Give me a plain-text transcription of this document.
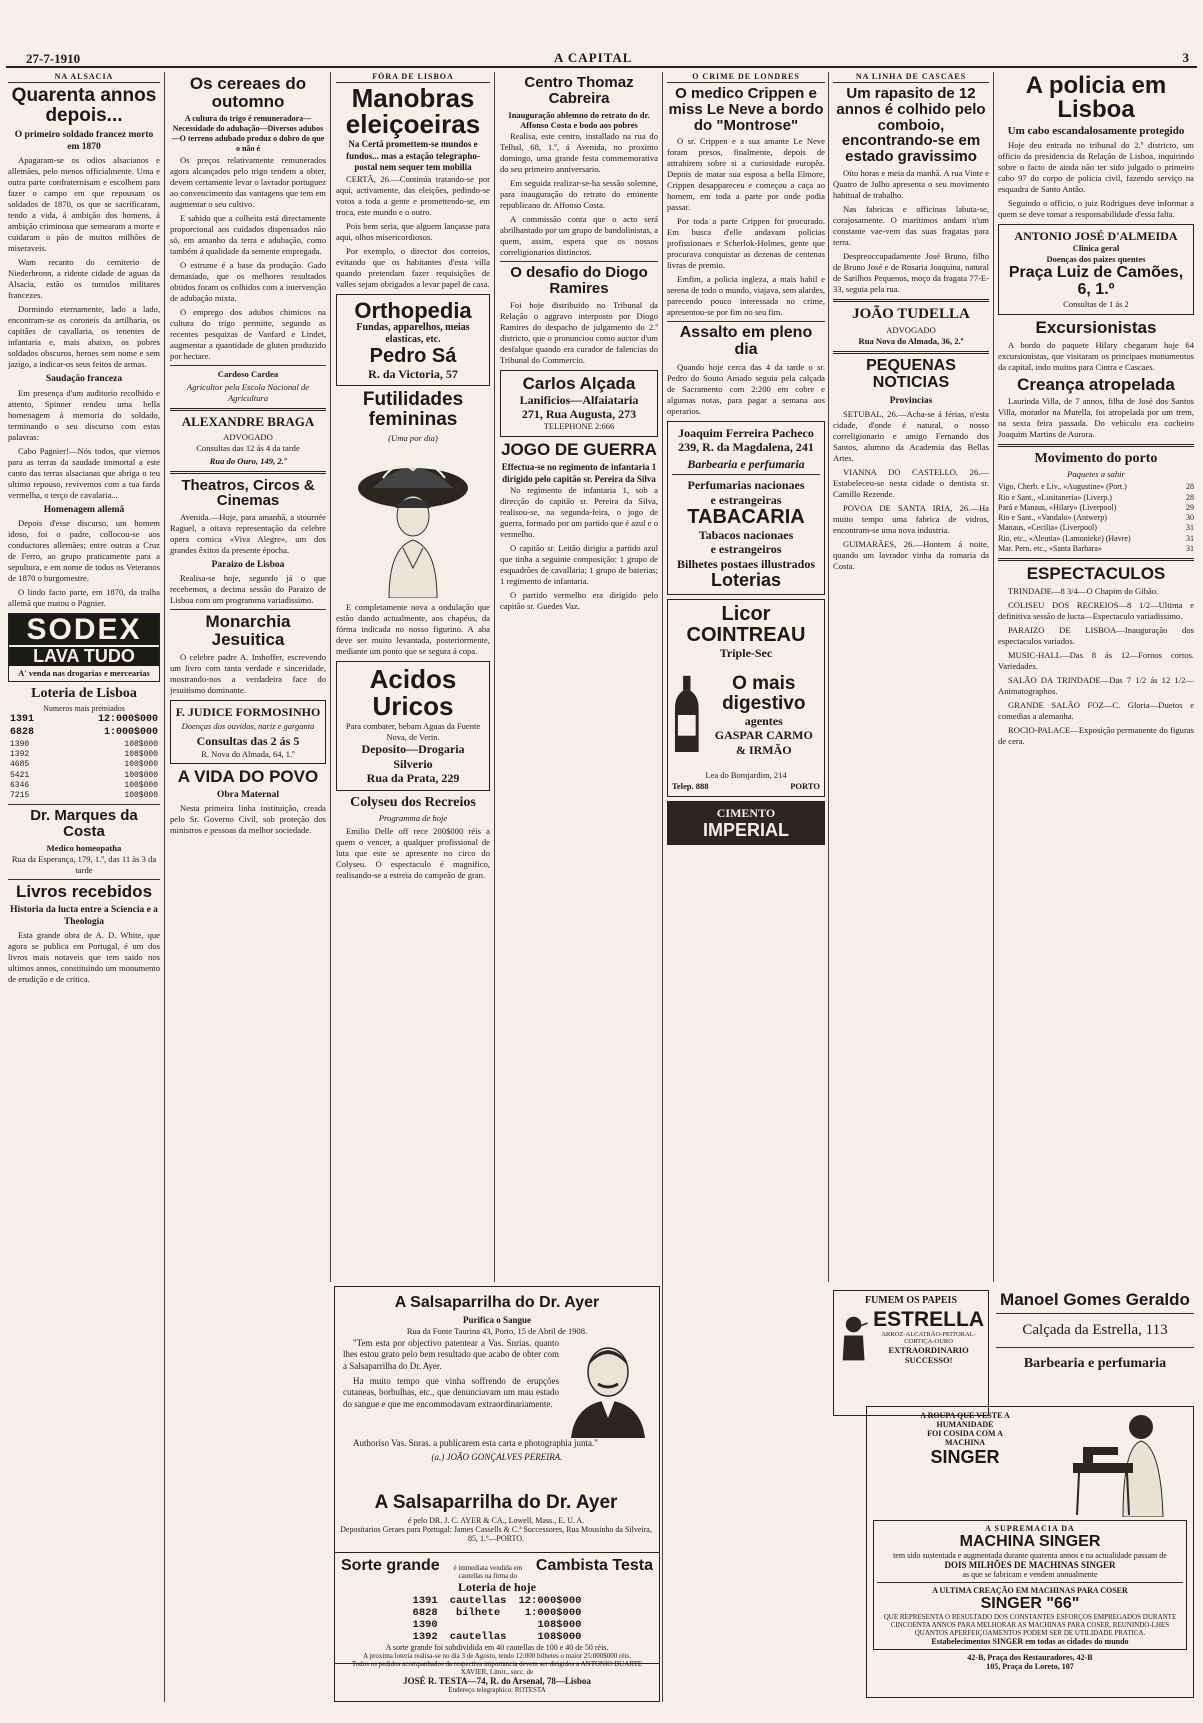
27-7-1910	A CAPITAL	3
NA ALSACIA
Quarenta annos depois...
O primeiro soldado francez morto em 1870

Apagaram-se os odios alsacianos e allemães, pelo menos officialmente. Uma e outra parte confraternisam e escolhem para fazer o campo em que repousam os soldados de 1870, os que se sacrificaram, tendo a vida, á ambição dos homens, á ambição criminosa que semearam a morte e cuidaram o pão de muitos milhões de miseraveis.

Wam recanto do cemiterio de Niederbronn, a ridente cidade de aguas da Alsacia, estão os tumulos militares francezes.

Dormindo eternamente, lado a lado, encontram-se os coroneis da artilharia, os capitães de cavallaria, os tenentes de infantaria e, mais abaixo, os pobres soldados obscuros, heroes sem nome e sem jazigo, a indicar-os seus feitos de armas.

Saudação franceza

Em presença d'um auditorio recolhido e attento, Spinner rendeu uma bella homenagem á memoria do soldado, terminando o seu discurso com estas palavras:

Cabo Pagnier!—Nós todos, que viemos para as terras da saudade immortal a este canto das terras alsacianas que abriga o teu ultimo repouso, revivemos com a tua farda vermelha, o terço de cavalaria...

Homenagem allemã

Depois d'esse discurso, um homem idoso, foi o padre, collocou-se aos conductores allemães; entre outras a Cruz de Ferro, ao grupo praticamente para a sepultura, e em nome de todos os Veteranos de 1870 o burgomestre.

O lindo facto parte, em 1870, da tralha allemã que matou o Pagnier.

SODEX
LAVA TUDO
A' venda nas drogarias e mercearias
Loteria de Lisboa
Numeros mais premiados
1391	12:000$000
6828	1:000$000
1390	108$000
1392	108$000
4685	100$000
5421	100$000
6346	100$000
7215	100$000
Dr. Marques da Costa
Medico homeopatha
Rua da Esperança, 179, 1.º, das 11 às 3 da tarde
Livros recebidos
Historia da lucta entre a Sciencia e a Theologia

Esta grande obra de A. D. White, que agora se publica em Portugal, é um dos livros mais notaveis que tem saido nos ultimos annos, constituindo um monumento de erudição e de critica.

Os cereaes do outomno
A cultura do trigo é remuneradora—Necessidade do adubação—Diversos adubos—O terreno adubado produz o dobro do que o não é

Os preços relativamente remunerados agora alcançados pelo trigo tendem a obter, devem certamente levar o lavrador portuguez ao convencimento das vantagens que tem em augmentar o seu cultivo.

E sabido que a colheita está directamente proporcional aos cuidados dispensados não só, em amanho da terra e adubação, como também á qualidade da semente empregada.

O estrume é a base da produção. Gado demasiado, que os melhores resultados obtidos foram os colhidos com a intervenção de adubação mixta.

O emprego dos adubos chimicos na cultura do trigo permitte, segundo as recentes pesquizas de Vanfard e Lindet, augmentar a quantidade de gluten produzido por hectare.

Cardoso Cardea
Agricultor pela Escola Nacional de Agricultura
ALEXANDRE BRAGA
ADVOGADO
Consultas das 12 ás 4 da tarde
Rua do Ouro, 149, 2.º
Theatros, Circos & Cinemas

Avenida.—Hoje, para amanhã, a stournée Raguel, a oitava representação da celebre opera comica «Viva Alegre», um dos grandes êxitos da presente épocha.

Paraizo de Lisboa

Realisa-se hoje, segundo já o que recebemos, a decima sessão do Paraizo de Lisboa com um programma variadissimo.

Monarchia Jesuitica

O celebre padre A. Imhoffer, escrevendo um livro com tanta verdade e sinceridade, mostrando-nos a verdadeira face do jesuitismo dominante.

F. JUDICE FORMOSINHO
Doenças dos ouvidos, nariz e garganta
Consultas das 2 ás 5
R. Nova do Almada, 64, 1.º
A VIDA DO POVO
Obra Maternal

Nesta primeira linha instituição, creada pelo Sr. Governo Civil, sob proteção dos ministros e pessoas da melhor sociedade.

FÓRA DE LISBOA
Manobras eleiçoeiras
Na Certã promettem-se mundos e fundos... mas a estação telegrapho-postal nem sequer tem mobilia

CERTÃ, 26.—Continúa tratando-se por aqui, activamente, das eleições, pedindo-se votos a toda a gente e promettendo-se, em troca, este mundo e o outro.

Pois bem seria, que alguem lançasse para aqui, olhos misericordiosos.

Por exemplo, o director dos correios, evitando que os habitantes d'esta villa quando pretendam fazer requisições de valles sejam obrigados a levar papel de casa.

Orthopedia
Fundas, apparelhos, meias elasticas, etc.
Pedro Sá
R. da Victoria, 57
Futilidades femininas
(Uma por dia)

E completamente nova a ondulação que estão dando actualmente, aos chapéus, da fórma indicada no nosso figurino. A aba deve ser muito levantada, posteriormente, mediante um ponto que se segura á copa.

Acidos Uricos
Para combater, bebam Aguas da Fuente Nova, de Verin.
Deposito—Drogaria Silverio
Rua da Prata, 229
Colyseu dos Recreios
Programma de hoje

Emilio Delle off rece 200$000 réis a quem o vencer, a qualquer profissional de luta que este se apresente no circo do Colyseu. O espectaculo é magnifico, realisando-se a estreia do campeão de gran.

Centro Thomaz Cabreira
Inauguração ablemno do retrato do dr. Affonso Costa e bodo aos pobres

Realisa, este centro, installado na rua do Telhal, 68, 1.º, á Avenida, no proximo domingo, uma grande festa commemorativa do seu primeiro anniversario.

Em seguida realizar-se-ha sessão solemne, para inauguração do retrato do eminente republicano dr. Affonso Costa.

A commissão conta que o acto será abrilhantado por um grupo de bandolinistas, a quem, assim, espera que os nossos correligionarios distinctos.

O desafio do Diogo Ramires

Foi hoje distribuido no Tribunal da Relação o aggravo interposto por Diogo Ramires do despacho de julgamento do 2.º districto, que o pronunciou como auctor d'um desfalque quando era curador de falencias do Tribunal do Commercio.

Carlos Alçada
Lanificios—Alfaiataria
271, Rua Augusta, 273
TELEPHONE 2:666
JOGO DE GUERRA
Effectua-se no regimento de infantaria 1 dirigido pelo capitão sr. Pereira da Silva

No regimento de infantaria 1, sob a direcção do capitão sr. Pereira da Silva, realisou-se, na segunda-feira, o jogo de guerra, formado por um partido que é azul e o vermelho.

O capitão sr. Leitão dirigiu a partido azul que tinha a seguinte composição: 1 grupo de esquadrões de cavallaria; 1 grupo de baterias; 1 regimento de infantaria.

O partido vermelho era dirigido pelo capitão sr. Guedes Vaz.

O CRIME DE LONDRES
O medico Crippen e miss Le Neve a bordo do "Montrose"

O sr. Crippen e a sua amante Le Neve foram presos, finalmente, depois de attrahirem sobre si a curiosidade europêa. Depois de matar sua esposa a bella Elmore, Crippen desappareceu e começou a caça ao homem, em toda a parte por onde podia passar.

Por toda a parte Crippen foi procurado. Em busca d'elle andavam policias profissionaes e Scherlok-Holmes, gente que procurava conquistar as dezenas de centenas livras de premio.

Emfim, a policia ingleza, a mais habil e serena de todo o mundo, viajava, sem alardes, parecendo pouco interessada no crime, apresentou-se por fim no seu fim.

Assalto em pleno dia

Quando hoje cerca das 4 da tarde o sr. Pedro do Souto Amado seguia pela calçada de Sacramento com 2:200 em cobre e algumas notas, para pagar a semana aos operarios.

Joaquim Ferreira Pacheco
239, R. da Magdalena, 241
Barbearia e perfumaria
Perfumarias nacionaes
e estrangeiras
TABACARIA
Tabacos nacionaes
e estrangeiros
Bilhetes postaes illustrados
Loterias
Licor COINTREAU
Triple-Sec
O mais digestivo
agentes
GASPAR CARMO
& IRMÃO
Lea do Bomjardim, 214
Telep. 888	PORTO
CIMENTO
IMPERIAL
NA LINHA DE CASCAES
Um rapasito de 12 annos é colhido pelo comboio, encontrando-se em estado gravissimo

Oito horas e meia da manhã. A rua Vinte e Quatro de Julho apresenta o seu movimento habitual de trabalho.

Nas fabricas e officinas labuta-se, corajosamente. O maritimos andam n'um constante vae-vem das suas fragatas para terra.

Despreoccupadamente José Bruno, filho de Bruno José e de Rosaria Joaquina, natural de Sarilhos Pequenos, moço da fragata 77-E-33, seguia pela rua.

JOÃO TUDELLA
ADVOGADO
Rua Nova do Almada, 36, 2.º
PEQUENAS NOTICIAS
Provincias

SETUBAL, 26.—Acha-se á férias, n'esta cidade, d'onde é natural, o nosso correligionario e amigo Fernando dos Santos, alumno da Academia das Bellas Artes.

VIANNA DO CASTELLO, 26.—Estabeleceu-se nesta cidade o dentista sr. Camillo Rezende.

POVOA DE SANTA IRIA, 26.—Ha muito tempo uma fabrica de vidros, encontram-se uma nova industria.

GUIMARÃES, 26.—Hontem á noite, quando um lavrador vinha da romaria da Costa.

A policia em Lisboa
Um cabo escandalosamente protegido

Hoje deu entrada no tribunal do 2.º districto, um officio da presidencia da Relação de Lisboa, inquirindo sobre o facto de ainda não ter sido julgado o primeiro cabo 97 do corpo de policia civil, fazendo serviço na esquadra de Santo Antão.

Seguindo o officio, o juiz Rodrigues deve informar a quem se deve tomar a responsabilidade d'essa falta.

ANTONIO JOSÉ D'ALMEIDA
Clinica geral
Doenças dos paizes quentes
Praça Luiz de Camões, 6, 1.º
Consultas de 1 ás 2
Excursionistas

A bordo do paquete Hilary chegaram hoje 64 excursionistas, que visitaram os principaes monumentos da capital, indo muitos para Cintra e Cascaes.

Creança atropelada

Laurinda Villa, de 7 annos, filha de José dos Santos Villa, morador na Mutella, foi atropelada por um trem, na sexta feira passada. Do vehiculo era cocheiro Joaquim Martins de Aurora.

Movimento do porto
Paquetes a sahir
Vigo, Cherb. e Liv., «Augustine» (Port.)	28
Rio e Sant., «Lusitaneria» (Liverp.)	28
Pará e Manaus, «Hilary» (Liverpool)	29
Rio e Sant., «Vandalo» (Antwerp)	30
Manaus, «Cecilia» (Liverpool)	31
Rio, etc., «Aleutia» (Lamonieke) (Havre)	31
Mar. Pern. etc., «Santa Barbara»	31
ESPECTACULOS

TRINDADE—8 3/4—O Chapim do Gibão.

COLISEU DOS RECREIOS—8 1/2—Ultima e definitiva sessão de lucta—Espectaculo variadissimo.

PARAIZO DE LISBOA—Inauguração dos espectaculos variados.

MUSIC-HALL—Das 8 ás 12—Fornos cortos. Variedades.

SALÃO DA TRINDADE—Das 7 1/2 ás 12 1/2—Animatographos.

GRANDE SALÃO FOZ—C. Gloria—Duetos e comedias a alemanha.

ROCIO-PALACE—Exposição permanente do figuras de cera.

FUMEM OS PAPEIS
ESTRELLA
ARROZ-ALCATRÃO-PEITORAL-CORTIÇA-OURO
EXTRAORDINARIO SUCCESSO!
Manoel Gomes Geraldo
Calçada da Estrella, 113
Barbearia e perfumaria
A ROUPA QUE VESTE A
HUMANIDADE
FOI COSIDA COM A
MACHINA
SINGER
A SUPREMACIA DA
MACHINA SINGER
tem sido sustentada e augmentada durante quarenta annos e na actualidade passam de
DOIS MILHÕES DE MACHINAS SINGER
as que se fabricam e vendem annualmente
A ULTIMA CREAÇÃO EM MACHINAS PARA COSER
SINGER "66"
QUE REPRESENTA O RESULTADO DOS CONSTANTES ESFORÇOS EMPREGADOS DURANTE CINCOENTA ANNOS PARA MELHORAR AS MACHINAS PARA COSER, REUNINDO-LHES QUANTOS APERFEIÇOAMENTOS PODEM SER DE UTILIDADE PRATICA.
Estabelecimentos SINGER em todas as cidades do mundo
42-B, Praça dos Restauradores, 42-B
105, Praça do Loreto, 107
A Salsaparrilha do Dr. Ayer
Purifica o Sangue
Rua da Fonte Taurina 43, Porto, 15 de Abril de 1908.

"Tem esta por objectivo patentear a Vas. Snrias. quanto lhes estou grato pelo bem resultado que acabo de obter com a Salsaparrilha do Dr. Ayer.

Ha muito tempo que vinha soffrendo de erupções cutaneas, borbulhas, etc., que denunciavam um mau estado do sangue e que me encommodavam extraordinariamente.

Authoriso Vas. Snras. a publicarem esta carta e photographia junta."

(a.) JOÃO GONÇALVES PEREIRA.
A Salsaparrilha do Dr. Ayer
é pelo DR. J. C. AYER & CA., Lowell, Mass., E. U. A.
Depositarios Geraes para Portugal: James Cassells & C.ª Successores, Rua Mousinho da Silveira, 85, 1.º—PORTO.
Sorte grande	é immediata vendida em cautellas na firma do
Cambista Testa
Loteria de hoje
1391	cautellas	12:000$000
6828	bilhete	1:000$000
1390		108$000
1392	cautellas	108$000
A sorte grande foi subdividida em 40 cautellas de 100 e 40 de 50 réis.
A proxima loteria realisa-se no dia 3 de Agosto, tendo 12:000 bilhetes o maior 25:000$000 réis.
Todos os pedidos acompanhados da respectiva importancia devem ser dirigidos a ANTONIO DUARTE XAVIER, Limit., succ. de
JOSÉ R. TESTA—74, R. do Arsenal, 78—Lisboa
Endereço telegraphico: ROTESTA
